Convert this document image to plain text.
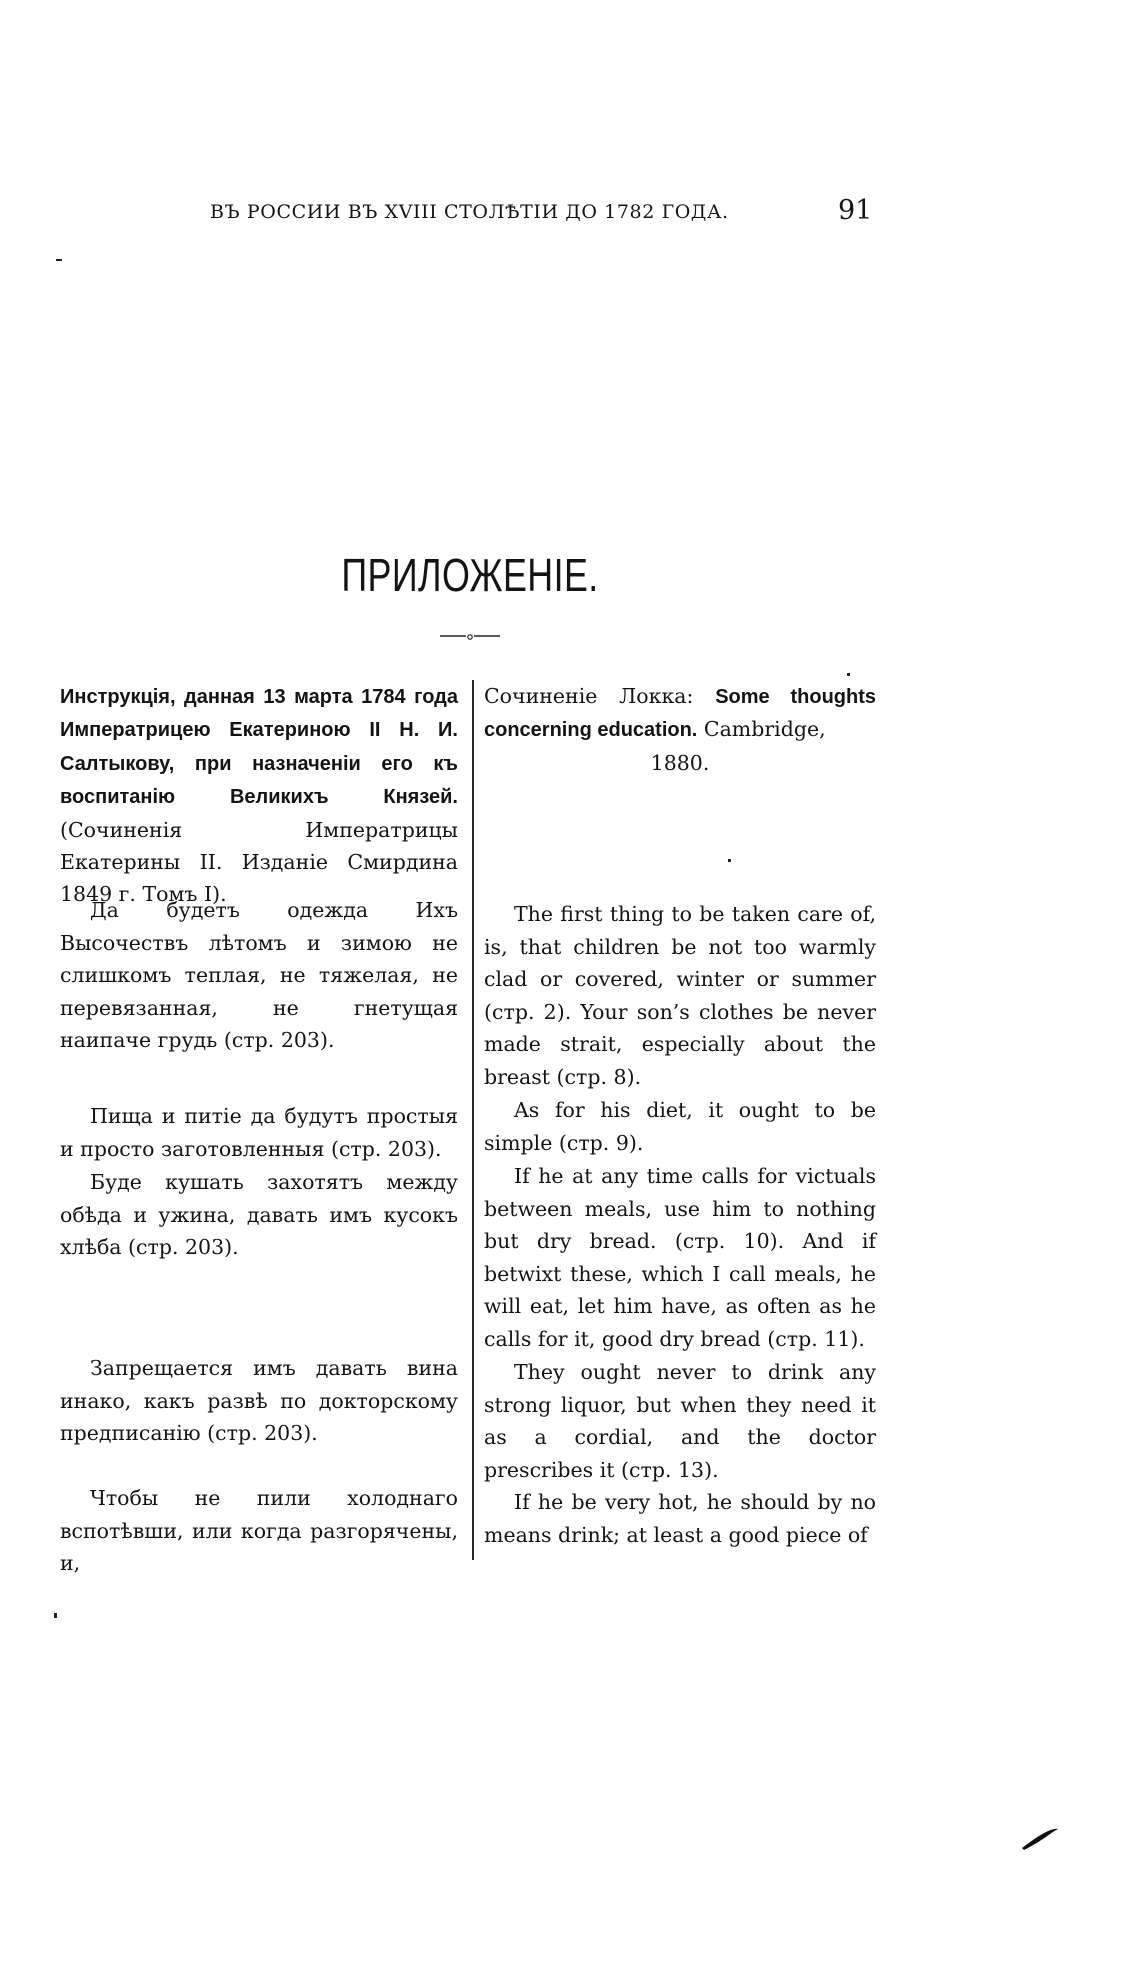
ВЪ РОССИИ ВЪ XVIII СТОЛѢТІИ ДО 1782 ГОДА.	91
ПРИЛОЖЕНІЕ.
Инструкція, данная 13 марта 1784 года Императрицею Екатериною II Н. И. Салтыкову, при назначеніи его къ воспитанію Великихъ Князей. (Сочиненія Императрицы Екатерины II. Изданіе Смирдина 1849 г. Томъ I).
Да будетъ одежда Ихъ Высочествъ лѣтомъ и зимою не слишкомъ теплая, не тяжелая, не перевязанная, не гнетущая наипаче грудь (стр. 203).
Пища и питіе да будутъ простыя и просто заготовленныя (стр. 203).
Буде кушать захотятъ между обѣда и ужина, давать имъ кусокъ хлѣба (стр. 203).
Запрещается имъ давать вина инако, какъ развѣ по докторскому предписанію (стр. 203).
Чтобы не пили холоднаго вспотѣвши, или когда разгорячены, и,
Сочиненіе Локка: Some thoughts concerning education. Cambridge,
1880.
The first thing to be taken care of, is, that children be not too warmly clad or covered, winter or summer (стр. 2). Your son’s clothes be never made strait, especially about the breast (стр. 8).
As for his diet, it ought to be simple (стр. 9).
If he at any time calls for victuals between meals, use him to nothing but dry bread. (стр. 10). And if betwixt these, which I call meals, he will eat, let him have, as often as he calls for it, good dry bread (стр. 11).
They ought never to drink any strong liquor, but when they need it as a cordial, and the doctor prescribes it (стр. 13).
If he be very hot, he should by no means drink; at least a good piece of
